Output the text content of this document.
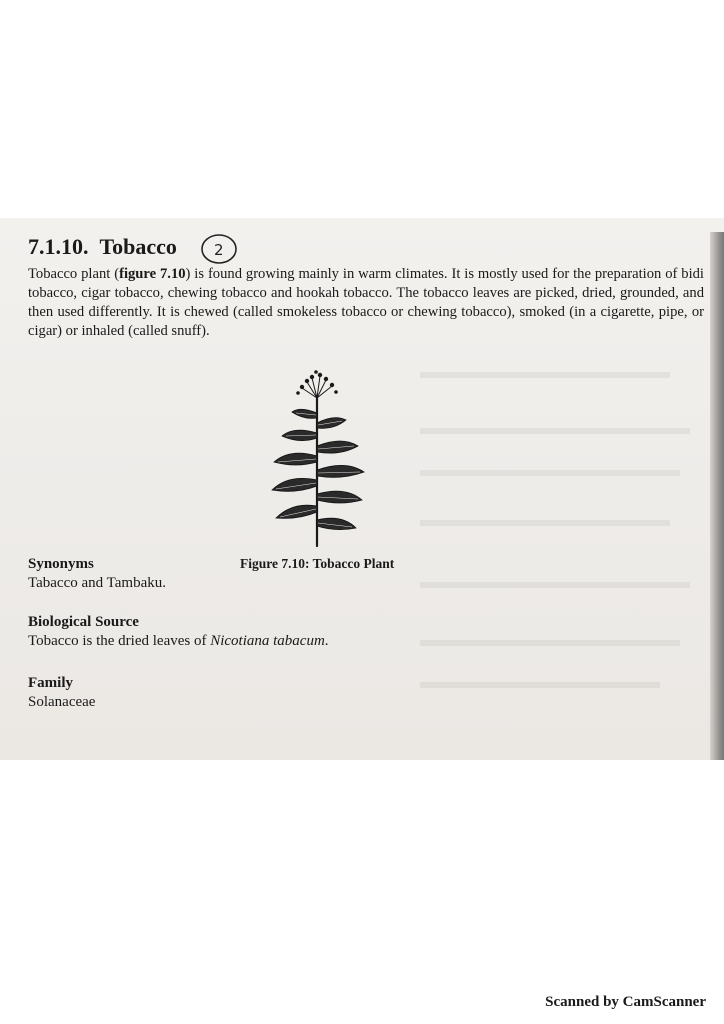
7.1.10. Tobacco 2

Tobacco plant (figure 7.10) is found growing mainly in warm climates. It is mostly used for the preparation of bidi tobacco, cigar tobacco, chewing tobacco and hookah tobacco. The tobacco leaves are picked, dried, grounded, and then used differently. It is chewed (called smokeless tobacco or chewing tobacco), smoked (in a cigarette, pipe, or cigar) or inhaled (called snuff).

Figure 7.10: Tobacco Plant
Synonyms
Tabacco and Tambaku.
Biological Source
Tobacco is the dried leaves of Nicotiana tabacum.
Family
Solanaceae
Scanned by CamScanner
